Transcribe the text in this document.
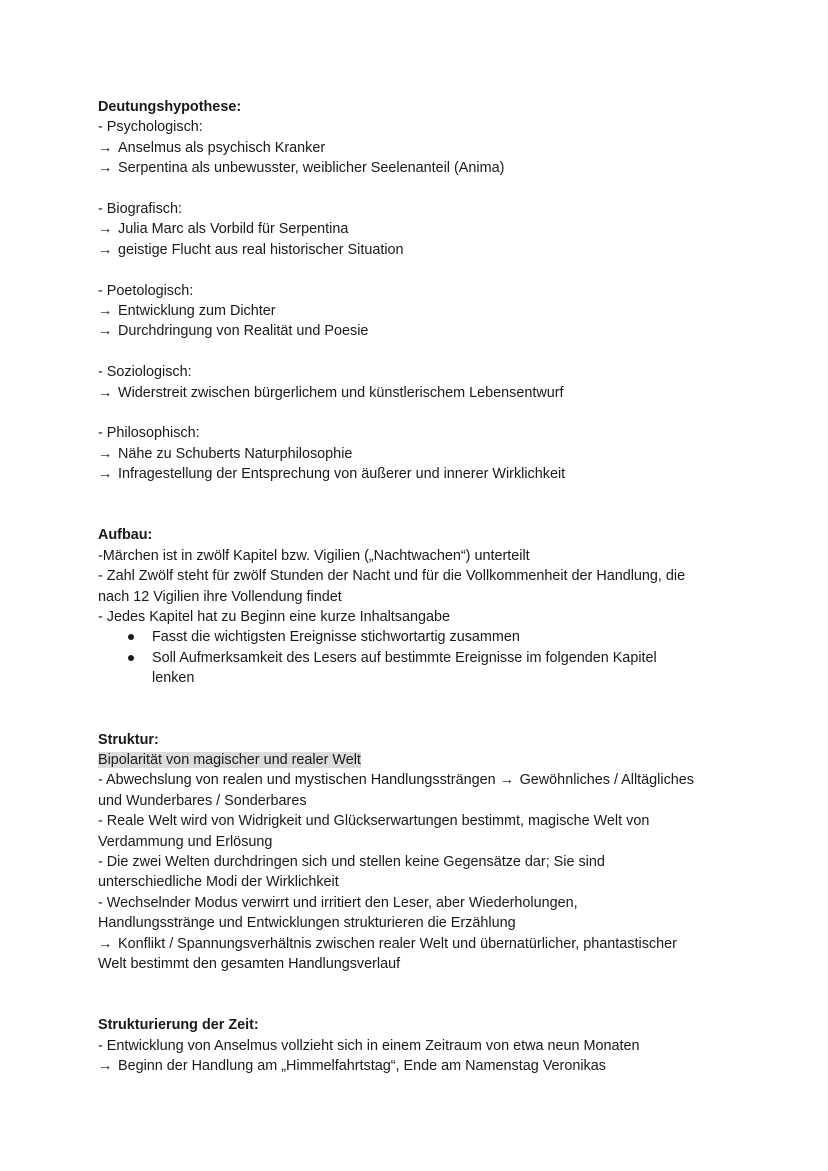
Deutungshypothese:
- Psychologisch:
→ Anselmus als psychisch Kranker
→ Serpentina als unbewusster, weiblicher Seelenanteil (Anima)
- Biografisch:
→ Julia Marc als Vorbild für Serpentina
→ geistige Flucht aus real historischer Situation
- Poetologisch:
→ Entwicklung zum Dichter
→ Durchdringung von Realität und Poesie
- Soziologisch:
→ Widerstreit zwischen bürgerlichem und künstlerischem Lebensentwurf
- Philosophisch:
→ Nähe zu Schuberts Naturphilosophie
→ Infragestellung der Entsprechung von äußerer und innerer Wirklichkeit
Aufbau:
-Märchen ist in zwölf Kapitel bzw. Vigilien („Nachtwachen“) unterteilt
- Zahl Zwölf steht für zwölf Stunden der Nacht und für die Vollkommenheit der Handlung, die
nach 12 Vigilien ihre Vollendung findet
- Jedes Kapitel hat zu Beginn eine kurze Inhaltsangabe
Fasst die wichtigsten Ereignisse stichwortartig zusammen
Soll Aufmerksamkeit des Lesers auf bestimmte Ereignisse im folgenden Kapitel
lenken
Struktur:
Bipolarität von magischer und realer Welt
- Abwechslung von realen und mystischen Handlungssträngen → Gewöhnliches / Alltägliches
und Wunderbares / Sonderbares
- Reale Welt wird von Widrigkeit und Glückserwartungen bestimmt, magische Welt von
Verdammung und Erlösung
- Die zwei Welten durchdringen sich und stellen keine Gegensätze dar; Sie sind
unterschiedliche Modi der Wirklichkeit
- Wechselnder Modus verwirrt und irritiert den Leser, aber Wiederholungen,
Handlungsstränge und Entwicklungen strukturieren die Erzählung
→ Konflikt / Spannungsverhältnis zwischen realer Welt und übernatürlicher, phantastischer
Welt bestimmt den gesamten Handlungsverlauf
Strukturierung der Zeit:
- Entwicklung von Anselmus vollzieht sich in einem Zeitraum von etwa neun Monaten
→ Beginn der Handlung am „Himmelfahrtstag“, Ende am Namenstag Veronikas
